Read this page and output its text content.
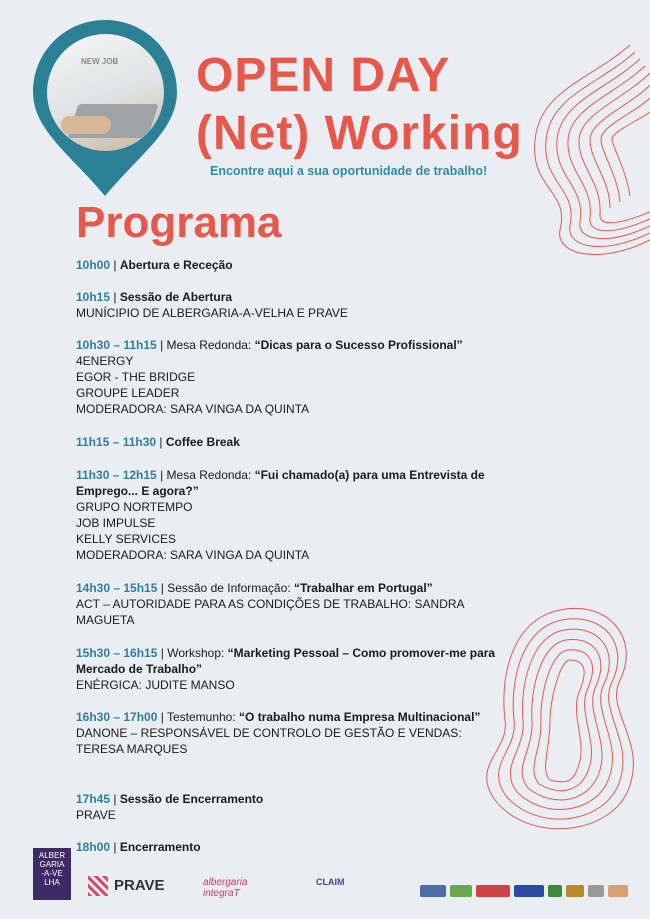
NEW JOB OPEN DAY
(Net) Working
Encontre aqui a sua oportunidade de trabalho!
Programa
10h00 | Abertura e Receção
10h15 | Sessão de Abertura
MUNÍCIPIO DE ALBERGARIA-A-VELHA E PRAVE
10h30 – 11h15 | Mesa Redonda: “Dicas para o Sucesso Profissional”
4ENERGY
EGOR - THE BRIDGE
GROUPE LEADER
MODERADORA: SARA VINGA DA QUINTA
11h15 – 11h30 | Coffee Break
11h30 – 12h15 | Mesa Redonda: “Fui chamado(a) para uma Entrevista de Emprego... E agora?”
GRUPO NORTEMPO
JOB IMPULSE
KELLY SERVICES
MODERADORA: SARA VINGA DA QUINTA
14h30 – 15h15 | Sessão de Informação: “Trabalhar em Portugal”
ACT – AUTORIDADE PARA AS CONDIÇÕES DE TRABALHO: SANDRA MAGUETA
15h30 – 16h15 | Workshop: “Marketing Pessoal – Como promover-me para Mercado de Trabalho”
ENÉRGICA: JUDITE MANSO
16h30 – 17h00 | Testemunho: “O trabalho numa Empresa Multinacional”
DANONE – RESPONSÁVEL DE CONTROLO DE GESTÃO E VENDAS: TERESA MARQUES
17h45 | Sessão de Encerramento
PRAVE
18h00 | Encerramento
ALBER
GARIA
-A-VE
LHA	PRAVE	albergaria
integraT
CLAIM
